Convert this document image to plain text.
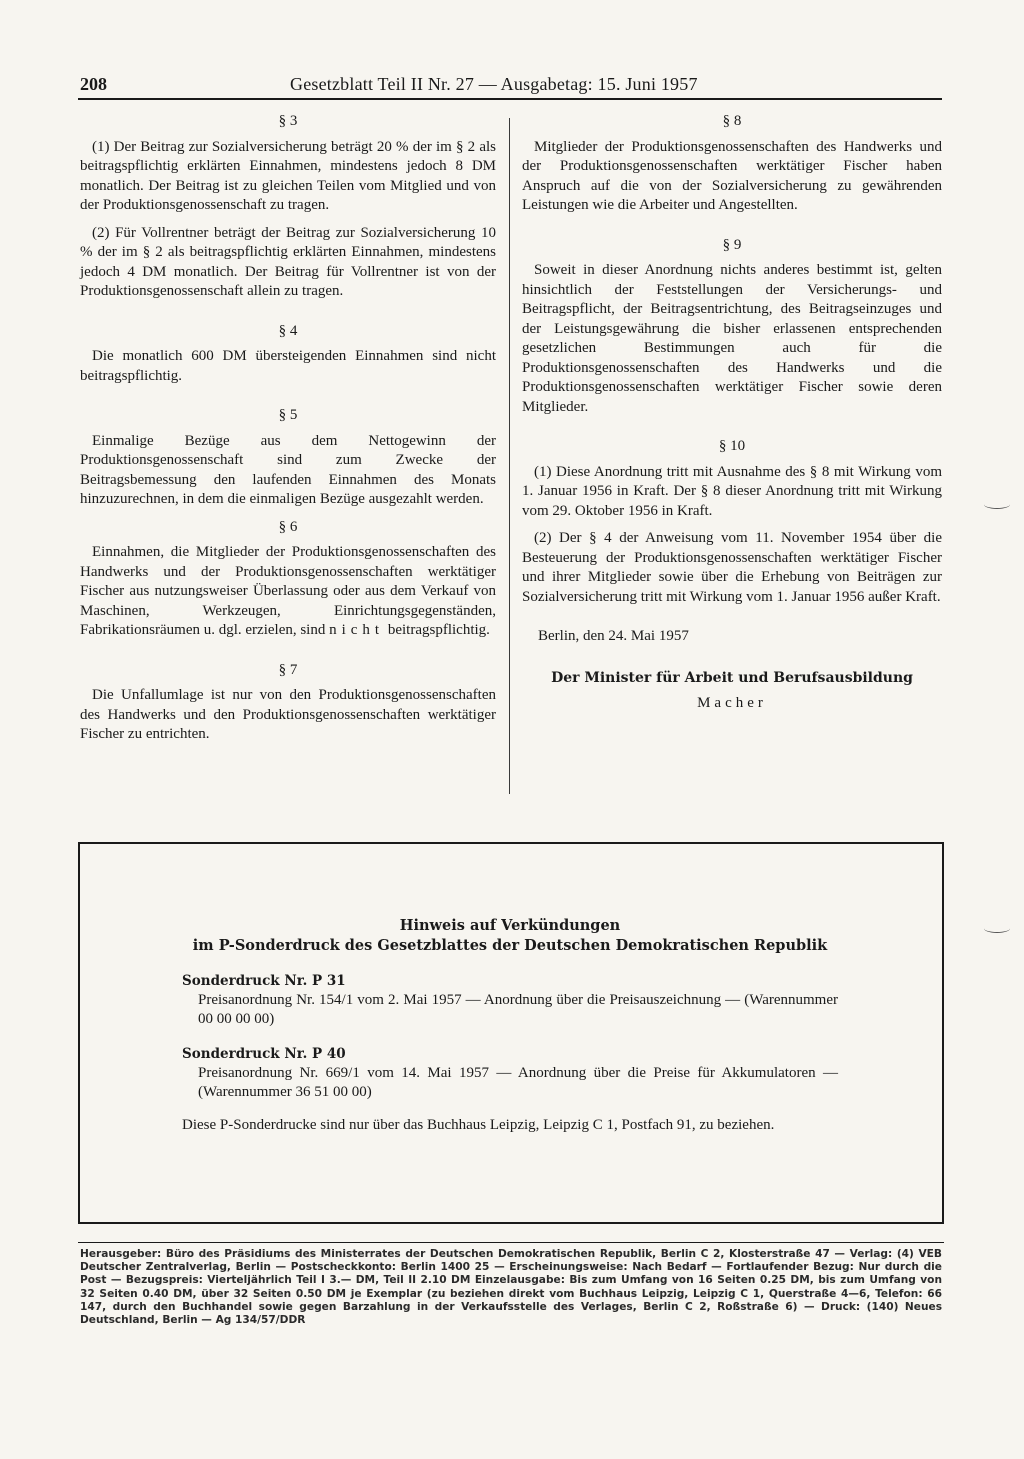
208	Gesetzblatt Teil II Nr. 27 — Ausgabetag: 15. Juni 1957
§ 3

(1) Der Beitrag zur Sozialversicherung beträgt 20 % der im § 2 als beitragspflichtig erklärten Einnahmen, mindestens jedoch 8 DM monatlich. Der Beitrag ist zu gleichen Teilen vom Mitglied und von der Produktionsgenossenschaft zu tragen.

(2) Für Vollrentner beträgt der Beitrag zur Sozialversicherung 10 % der im § 2 als beitragspflichtig erklärten Einnahmen, mindestens jedoch 4 DM monatlich. Der Beitrag für Vollrentner ist von der Produktionsgenossenschaft allein zu tragen.

§ 4

Die monatlich 600 DM übersteigenden Einnahmen sind nicht beitragspflichtig.

§ 5

Einmalige Bezüge aus dem Nettogewinn der Produktionsgenossenschaft sind zum Zwecke der Beitragsbemessung den laufenden Einnahmen des Monats hinzuzurechnen, in dem die einmaligen Bezüge ausgezahlt werden.

§ 6

Einnahmen, die Mitglieder der Produktionsgenossenschaften des Handwerks und der Produktionsgenossenschaften werktätiger Fischer aus nutzungsweiser Überlassung oder aus dem Verkauf von Maschinen, Werkzeugen, Einrichtungsgegenständen, Fabrikationsräumen u. dgl. erzielen, sind nicht beitragspflichtig.

§ 7

Die Unfallumlage ist nur von den Produktionsgenossenschaften des Handwerks und den Produktionsgenossenschaften werktätiger Fischer zu entrichten.

§ 8

Mitglieder der Produktionsgenossenschaften des Handwerks und der Produktionsgenossenschaften werktätiger Fischer haben Anspruch auf die von der Sozialversicherung zu gewährenden Leistungen wie die Arbeiter und Angestellten.

§ 9

Soweit in dieser Anordnung nichts anderes bestimmt ist, gelten hinsichtlich der Feststellungen der Versicherungs- und Beitragspflicht, der Beitragsentrichtung, des Beitragseinzuges und der Leistungsgewährung die bisher erlassenen entsprechenden gesetzlichen Bestimmungen auch für die Produktionsgenossenschaften des Handwerks und die Produktionsgenossenschaften werktätiger Fischer sowie deren Mitglieder.

§ 10

(1) Diese Anordnung tritt mit Ausnahme des § 8 mit Wirkung vom 1. Januar 1956 in Kraft. Der § 8 dieser Anordnung tritt mit Wirkung vom 29. Oktober 1956 in Kraft.

(2) Der § 4 der Anweisung vom 11. November 1954 über die Besteuerung der Produktionsgenossenschaften werktätiger Fischer und ihrer Mitglieder sowie über die Erhebung von Beiträgen zur Sozialversicherung tritt mit Wirkung vom 1. Januar 1956 außer Kraft.

Berlin, den 24. Mai 1957

Der Minister für Arbeit und Berufsausbildung
Macher
Hinweis auf Verkündungen
im P-Sonderdruck des Gesetzblattes der Deutschen Demokratischen Republik
Sonderdruck Nr. P 31
Preisanordnung Nr. 154/1 vom 2. Mai 1957 — Anordnung über die Preisauszeichnung — (Warennummer 00 00 00 00)
Sonderdruck Nr. P 40
Preisanordnung Nr. 669/1 vom 14. Mai 1957 — Anordnung über die Preise für Akkumulatoren — (Warennummer 36 51 00 00)
Diese P-Sonderdrucke sind nur über das Buchhaus Leipzig, Leipzig C 1, Postfach 91, zu beziehen.
Herausgeber: Büro des Präsidiums des Ministerrates der Deutschen Demokratischen Republik, Berlin C 2, Klosterstraße 47 — Verlag: (4) VEB Deutscher Zentralverlag, Berlin — Postscheckkonto: Berlin 1400 25 — Erscheinungsweise: Nach Bedarf — Fortlaufender Bezug: Nur durch die Post — Bezugspreis: Vierteljährlich Teil I 3.— DM, Teil II 2.10 DM Einzelausgabe: Bis zum Umfang von 16 Seiten 0.25 DM, bis zum Umfang von 32 Seiten 0.40 DM, über 32 Seiten 0.50 DM je Exemplar (zu beziehen direkt vom Buchhaus Leipzig, Leipzig C 1, Querstraße 4—6, Telefon: 66 147, durch den Buchhandel sowie gegen Barzahlung in der Verkaufsstelle des Verlages, Berlin C 2, Roßstraße 6) — Druck: (140) Neues Deutschland, Berlin — Ag 134/57/DDR
